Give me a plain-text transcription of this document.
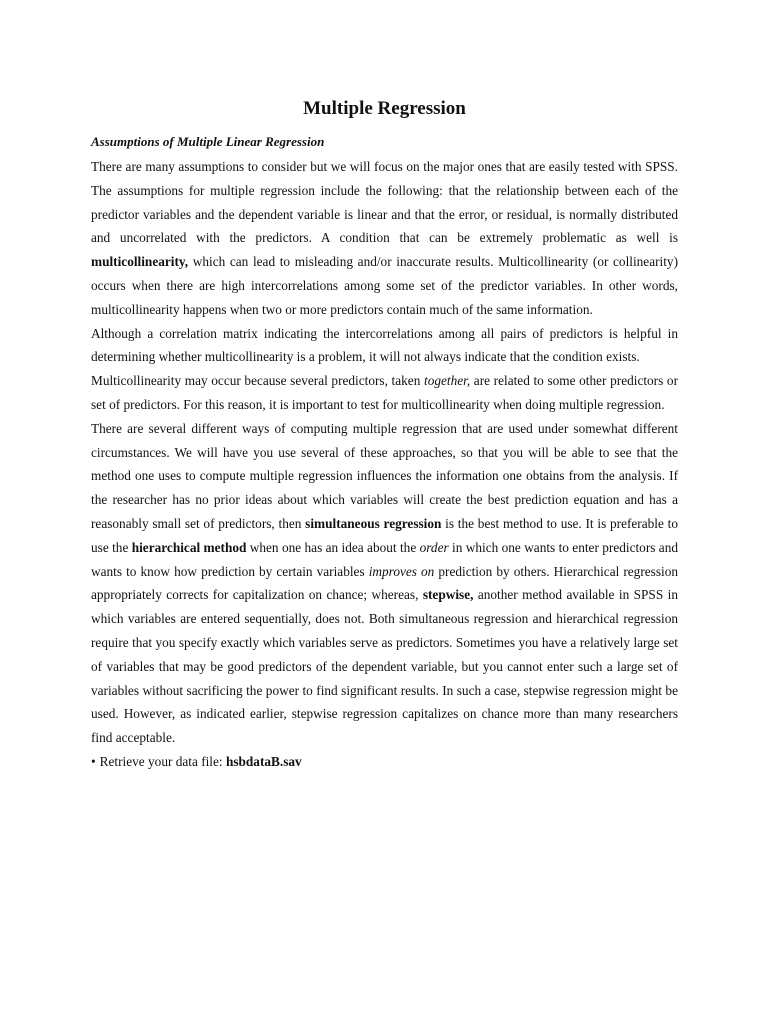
Multiple Regression
Assumptions of Multiple Linear Regression

There are many assumptions to consider but we will focus on the major ones that are easily tested with SPSS. The assumptions for multiple regression include the following: that the relationship between each of the predictor variables and the dependent variable is linear and that the error, or residual, is normally distributed and uncorrelated with the predictors. A condition that can be extremely problematic as well is multicollinearity, which can lead to misleading and/or inaccurate results. Multicollinearity (or collinearity) occurs when there are high intercorrelations among some set of the predictor variables. In other words, multicollinearity happens when two or more predictors contain much of the same information.

Although a correlation matrix indicating the intercorrelations among all pairs of predictors is helpful in determining whether multicollinearity is a problem, it will not always indicate that the condition exists.

Multicollinearity may occur because several predictors, taken together, are related to some other predictors or set of predictors. For this reason, it is important to test for multicollinearity when doing multiple regression.

There are several different ways of computing multiple regression that are used under somewhat different circumstances. We will have you use several of these approaches, so that you will be able to see that the method one uses to compute multiple regression influences the information one obtains from the analysis. If the researcher has no prior ideas about which variables will create the best prediction equation and has a reasonably small set of predictors, then simultaneous regression is the best method to use. It is preferable to use the hierarchical method when one has an idea about the order in which one wants to enter predictors and wants to know how prediction by certain variables improves on prediction by others. Hierarchical regression appropriately corrects for capitalization on chance; whereas, stepwise, another method available in SPSS in which variables are entered sequentially, does not. Both simultaneous regression and hierarchical regression require that you specify exactly which variables serve as predictors. Sometimes you have a relatively large set of variables that may be good predictors of the dependent variable, but you cannot enter such a large set of variables without sacrificing the power to find significant results. In such a case, stepwise regression might be used. However, as indicated earlier, stepwise regression capitalizes on chance more than many researchers find acceptable.

• Retrieve your data file: hsbdataB.sav
